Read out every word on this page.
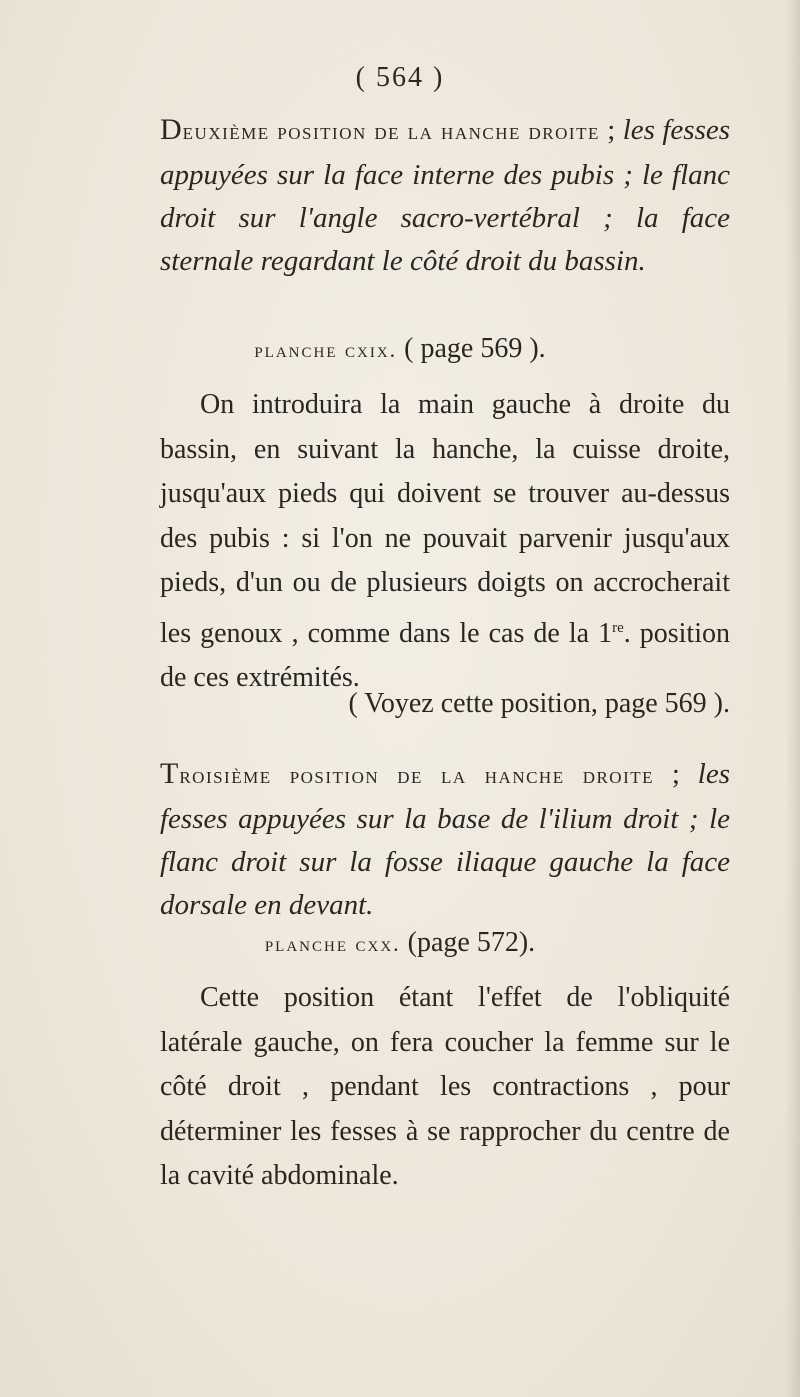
( 564 )
Deuxième position de la hanche droite ; les fesses appuyées sur la face interne des pubis ; le flanc droit sur l'angle sacro-vertébral ; la face sternale regardant le côté droit du bassin.
planche cxix. ( page 569 ).

On introduira la main gauche à droite du bassin, en suivant la hanche, la cuisse droite, jusqu'aux pieds qui doivent se trouver au-dessus des pubis : si l'on ne pouvait parvenir jusqu'aux pieds, d'un ou de plusieurs doigts on accrocherait les genoux , comme dans le cas de la 1re. position de ces extrémités.

( Voyez cette position, page 569 ).
Troisième position de la hanche droite ; les fesses appuyées sur la base de l'ilium droit ; le flanc droit sur la fosse iliaque gauche la face dorsale en devant.
planche cxx. (page 572).

Cette position étant l'effet de l'obliquité latérale gauche, on fera coucher la femme sur le côté droit , pendant les contractions , pour déterminer les fesses à se rapprocher du centre de la cavité abdominale.
